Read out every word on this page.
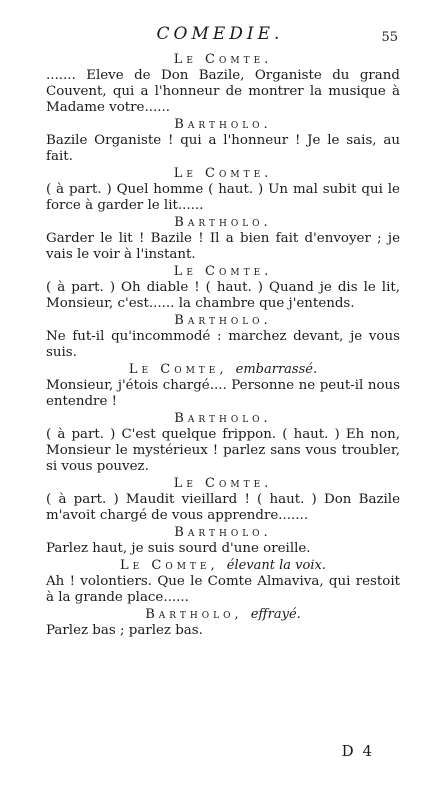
COMEDIE.	55
Le Comte.

....... Eleve de Don Bazile, Organiste du grand Couvent, qui a l'honneur de montrer la musique à Madame votre......

Bartholo.

Bazile Organiste ! qui a l'honneur ! Je le sais, au fait.

Le Comte.

( à part. ) Quel homme ( haut. ) Un mal subit qui le force à garder le lit......

Bartholo.

Garder le lit ! Bazile ! Il a bien fait d'envoyer ; je vais le voir à l'instant.

Le Comte.

( à part. ) Oh diable ! ( haut. ) Quand je dis le lit, Monsieur, c'est...... la chambre que j'entends.

Bartholo.

Ne fut-il qu'incommodé : marchez devant, je vous suis.

Le Comte, embarrassé.

Monsieur, j'étois chargé.... Personne ne peut-il nous entendre !

Bartholo.

( à part. ) C'est quelque frippon. ( haut. ) Eh non, Monsieur le mystérieux ! parlez sans vous troubler, si vous pouvez.

Le Comte.

( à part. ) Maudit vieillard ! ( haut. ) Don Bazile m'avoit chargé de vous apprendre.......

Bartholo.

Parlez haut, je suis sourd d'une oreille.

Le Comte, élevant la voix.

Ah ! volontiers. Que le Comte Almaviva, qui restoit à la grande place......

Bartholo, effrayé.

Parlez bas ; parlez bas.

D 4
